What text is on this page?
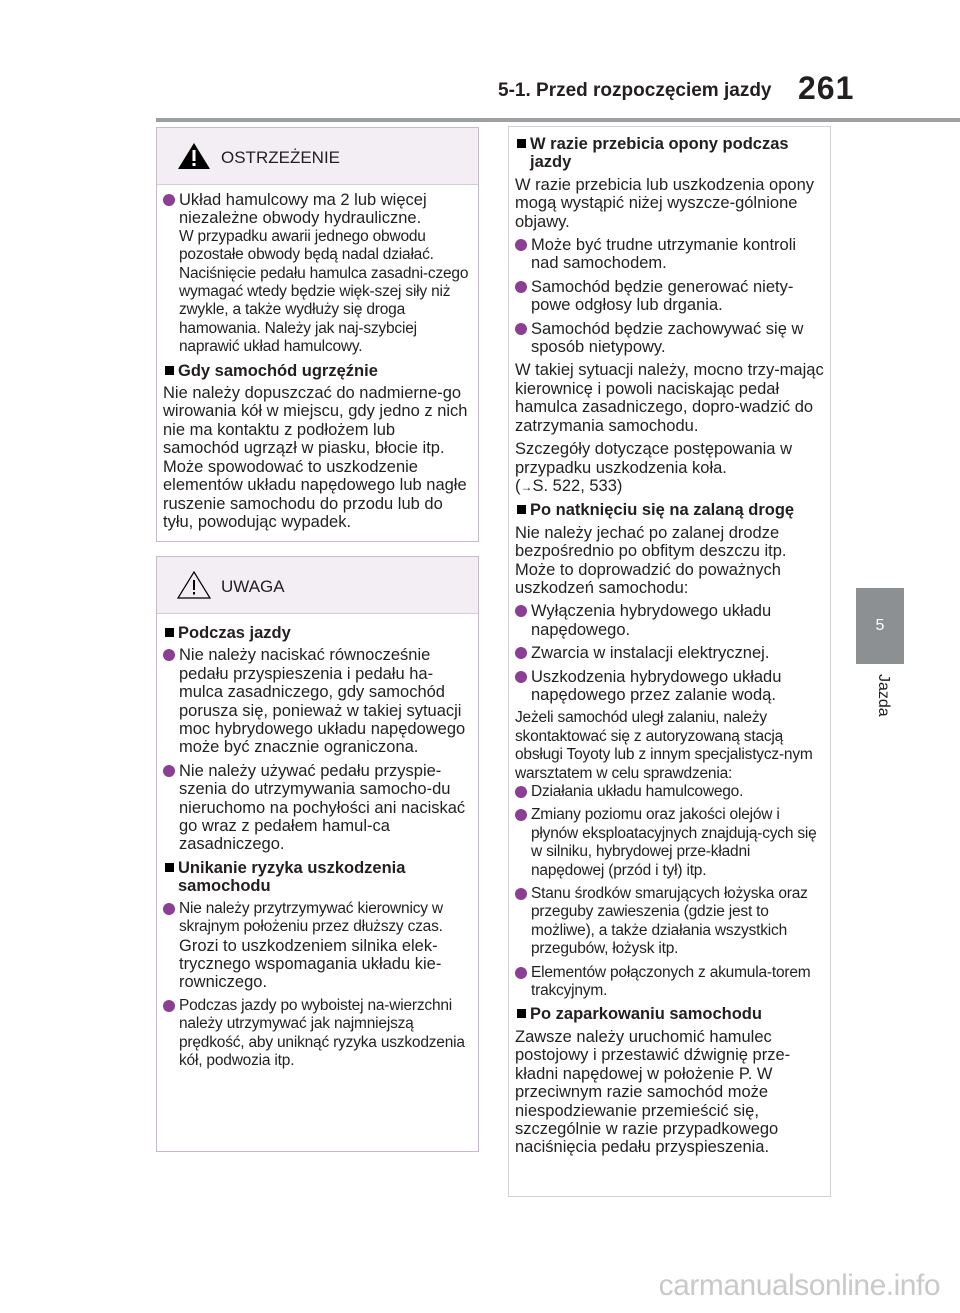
5-1. Przed rozpoczęciem jazdy 261
5
Jazda
OSTRZEŻENIE
Układ hamulcowy ma 2 lub więcej niezależne obwody hydrauliczne.
W przypadku awarii jednego obwodu pozostałe obwody będą nadal działać. Naciśnięcie pedału hamulca zasadni-czego wymagać wtedy będzie więk-szej siły niż zwykle, a także wydłuży się droga hamowania. Należy jak naj-szybciej naprawić układ hamulcowy.
Gdy samochód ugrzęźnie
Nie należy dopuszczać do nadmierne-go wirowania kół w miejscu, gdy jedno z nich nie ma kontaktu z podłożem lub samochód ugrzązł w piasku, błocie itp. Może spowodować to uszkodzenie elementów układu napędowego lub nagłe ruszenie samochodu do przodu lub do tyłu, powodując wypadek.
UWAGA
Podczas jazdy
Nie należy naciskać równocześnie pedału przyspieszenia i pedału ha-mulca zasadniczego, gdy samochód porusza się, ponieważ w takiej sytuacji moc hybrydowego układu napędowego może być znacznie ograniczona.
Nie należy używać pedału przyspie-szenia do utrzymywania samocho-du nieruchomo na pochyłości ani naciskać go wraz z pedałem hamul-ca zasadniczego.
Unikanie ryzyka uszkodzenia samochodu
Nie należy przytrzymywać kierownicy w skrajnym położeniu przez dłuższy czas.
Grozi to uszkodzeniem silnika elek-trycznego wspomagania układu kie-rowniczego.
Podczas jazdy po wyboistej na-wierzchni należy utrzymywać jak najmniejszą prędkość, aby uniknąć ryzyka uszkodzenia kół, podwozia itp.
W razie przebicia opony podczas jazdy
W razie przebicia lub uszkodzenia opony mogą wystąpić niżej wyszcze-gólnione objawy.
Może być trudne utrzymanie kontroli nad samochodem.
Samochód będzie generować niety-powe odgłosy lub drgania.
Samochód będzie zachowywać się w sposób nietypowy.
W takiej sytuacji należy, mocno trzy-mając kierownicę i powoli naciskając pedał hamulca zasadniczego, dopro-wadzić do zatrzymania samochodu.
Szczegóły dotyczące postępowania w przypadku uszkodzenia koła.
(→S. 522, 533)
Po natknięciu się na zalaną drogę
Nie należy jechać po zalanej drodze bezpośrednio po obfitym deszczu itp. Może to doprowadzić do poważnych uszkodzeń samochodu:
Wyłączenia hybrydowego układu napędowego.
Zwarcia w instalacji elektrycznej.
Uszkodzenia hybrydowego układu napędowego przez zalanie wodą.
Jeżeli samochód uległ zalaniu, należy skontaktować się z autoryzowaną stacją obsługi Toyoty lub z innym specjalistycz-nym warsztatem w celu sprawdzenia:
Działania układu hamulcowego.
Zmiany poziomu oraz jakości olejów i płynów eksploatacyjnych znajdują-cych się w silniku, hybrydowej prze-kładni napędowej (przód i tył) itp.
Stanu środków smarujących łożyska oraz przeguby zawieszenia (gdzie jest to możliwe), a także działania wszystkich przegubów, łożysk itp.
Elementów połączonych z akumula-torem trakcyjnym.
Po zaparkowaniu samochodu
Zawsze należy uruchomić hamulec postojowy i przestawić dźwignię prze-kładni napędowej w położenie P. W przeciwnym razie samochód może niespodziewanie przemieścić się, szczególnie w razie przypadkowego naciśnięcia pedału przyspieszenia.
carmanualsonline.info
